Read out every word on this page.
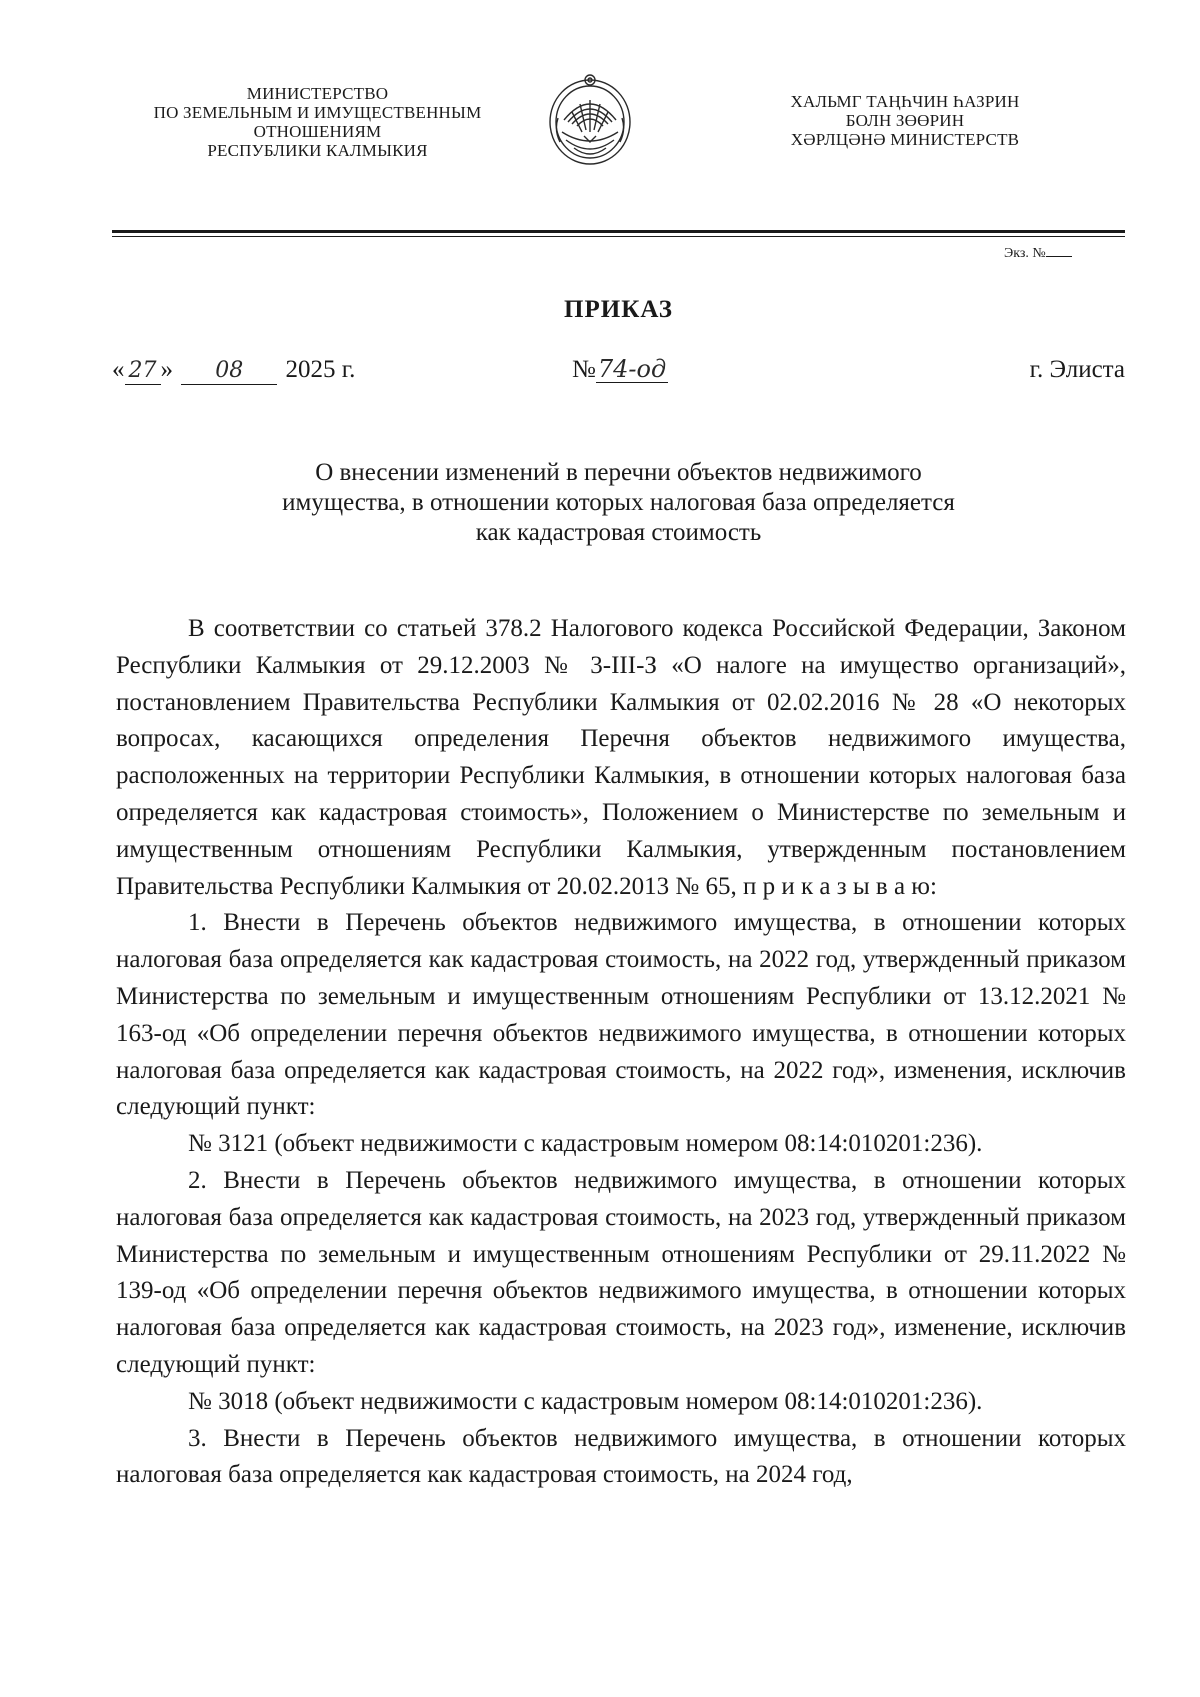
МИНИСТЕРСТВО
ПО ЗЕМЕЛЬНЫМ И ИМУЩЕСТВЕННЫМ
ОТНОШЕНИЯМ
РЕСПУБЛИКИ КАЛМЫКИЯ
ХАЛЬМГ ТАҢҺЧИН ҺАЗРИН
БОЛН ЗӨӨРИН
ХӘРЛЦӘНӘ МИНИСТЕРСТВ
Экз. №
ПРИКАЗ
« 27 » 08 2025 г.	№74-од	г. Элиста
О внесении изменений в перечни объектов недвижимого
имущества, в отношении которых налоговая база определяется
как кадастровая стоимость

В соответствии со статьей 378.2 Налогового кодекса Российской Федерации, Законом Республики Калмыкия от 29.12.2003 № 3-III-З «О налоге на имущество организаций», постановлением Правительства Республики Калмыкия от 02.02.2016 № 28 «О некоторых вопросах, касающихся определения Перечня объектов недвижимого имущества, расположенных на территории Республики Калмыкия, в отношении которых налоговая база определяется как кадастровая стоимость», Положением о Министерстве по земельным и имущественным отношениям Республики Калмыкия, утвержденным постановлением Правительства Республики Калмыкия от 20.02.2013 № 65, п р и к а з ы в а ю:

1. Внести в Перечень объектов недвижимого имущества, в отношении которых налоговая база определяется как кадастровая стоимость, на 2022 год, утвержденный приказом Министерства по земельным и имущественным отношениям Республики от 13.12.2021 № 163-од «Об определении перечня объектов недвижимого имущества, в отношении которых налоговая база определяется как кадастровая стоимость, на 2022 год», изменения, исключив следующий пункт:

№ 3121 (объект недвижимости с кадастровым номером 08:14:010201:236).

2. Внести в Перечень объектов недвижимого имущества, в отношении которых налоговая база определяется как кадастровая стоимость, на 2023 год, утвержденный приказом Министерства по земельным и имущественным отношениям Республики от 29.11.2022 № 139-од «Об определении перечня объектов недвижимого имущества, в отношении которых налоговая база определяется как кадастровая стоимость, на 2023 год», изменение, исключив следующий пункт:

№ 3018 (объект недвижимости с кадастровым номером 08:14:010201:236).

3. Внести в Перечень объектов недвижимого имущества, в отношении которых налоговая база определяется как кадастровая стоимость, на 2024 год,
